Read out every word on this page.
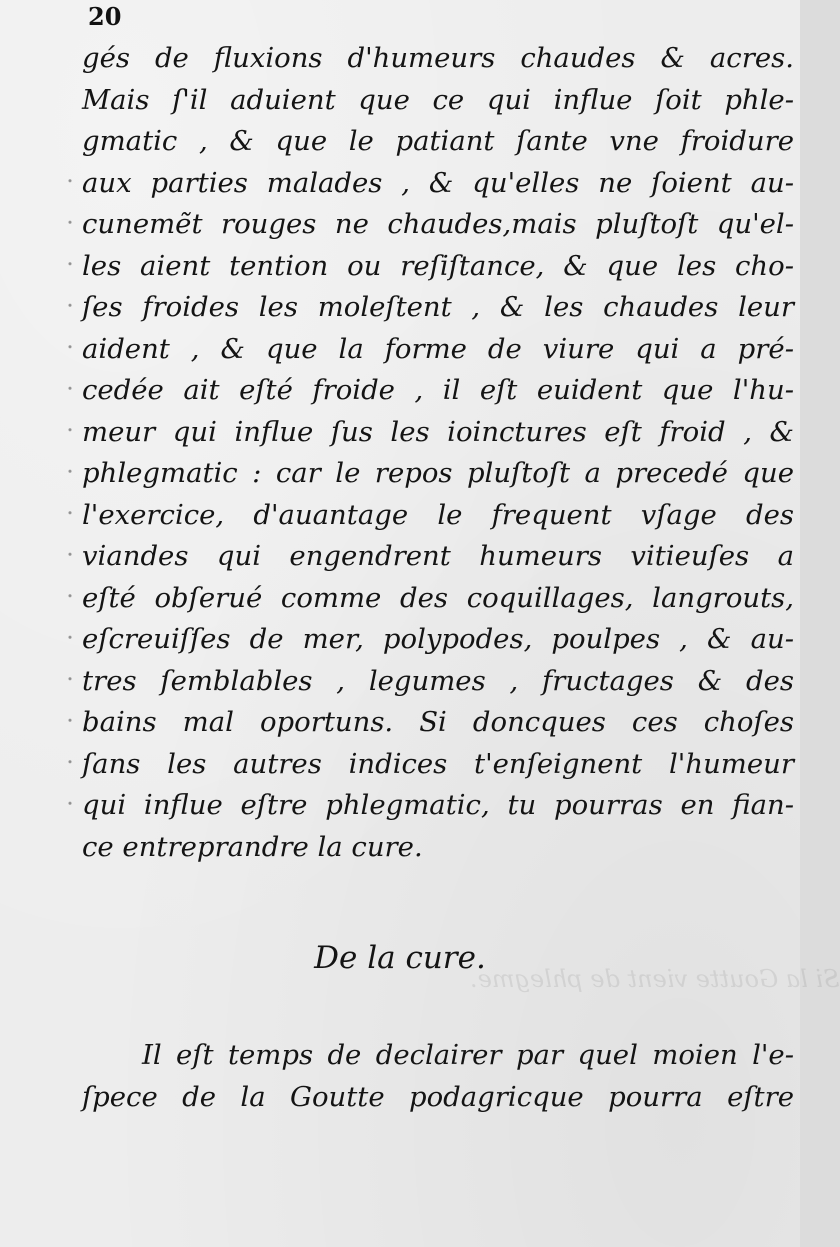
Si la Goutte vient de phlegme.
20
gés de fluxions d'humeurs chaudes & acres.
Mais ſ'il aduient que ce qui influe ſoit phle-
gmatic , & que le patiant ſante vne froidure
aux parties malades , & qu'elles ne ſoient au-
cunemẽt rouges ne chaudes,mais pluſtoſt qu'el-
les aient tention ou reſiſtance, & que les cho-
ſes froides les moleſtent , & les chaudes leur
aident , & que la forme de viure qui a pré-
cedée ait eſté froide , il eſt euident que l'hu-
meur qui influe ſus les ioinctures eſt froid , &
phlegmatic : car le repos pluſtoſt a precedé que
l'exercice, d'auantage le frequent vſage des
viandes qui engendrent humeurs vitieuſes a
eſté obſerué comme des coquillages, langrouts,
eſcreuiſſes de mer, polypodes, poulpes , & au-
tres ſemblables , legumes , fructages & des
bains mal oportuns. Si doncques ces choſes
ſans les autres indices t'enſeignent l'humeur
qui influe eſtre phlegmatic, tu pourras en fian-
ce entreprandre la cure.
De la cure.
Il eſt temps de declairer par quel moien l'e-
ſpece de la Goutte podagricque pourra eſtre
